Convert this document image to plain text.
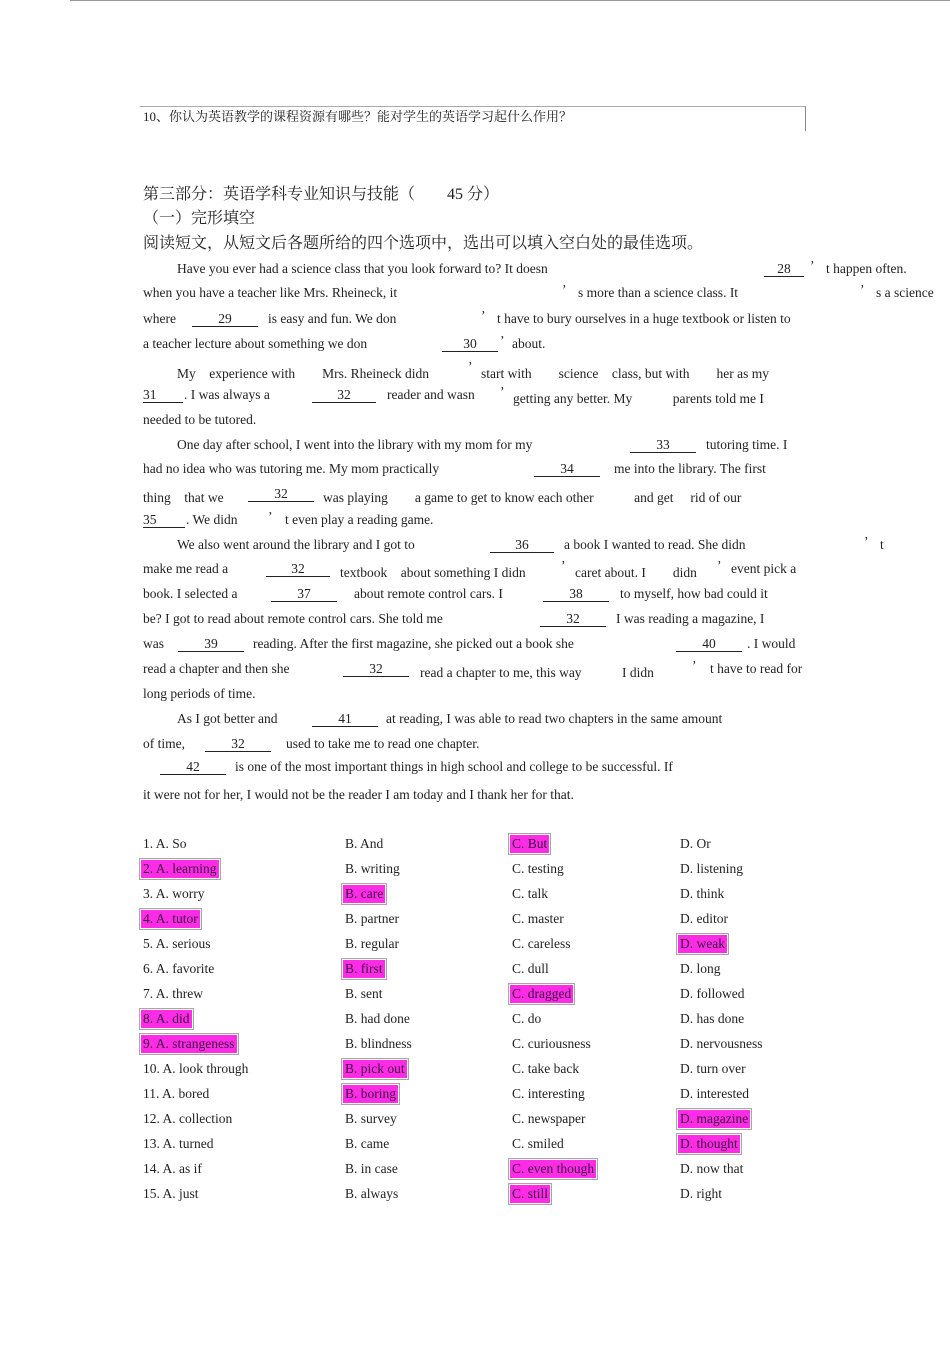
10、你认为英语教学的课程资源有哪些？能对学生的英语学习起什么作用？
第三部分：英语学科专业知识与技能（　　45 分）
（一）完形填空
阅读短文，从短文后各题所给的四个选项中，选出可以填入空白处的最佳选项。
Have you ever had a science class that you look forward to? It doesn	28	’ t happen often.
when you have a teacher like Mrs. Rheineck, it	’ s more than a science class. It	’ s a science
where	29	is easy and fun. We don	’ t have to bury ourselves in a huge textbook or listen to
a teacher lecture about something we don	30	’ about.
My　experience with　　Mrs. Rheineck didn	’ start with　　science　class, but with　　her as my
31	. I was always a	32	reader and wasn ’ getting any better. My　　　parents told me I
needed to be tutored.
One day after school, I went into the library with my mom for my	33	tutoring time. I
had no idea who was tutoring me. My mom practically	34	me into the library. The first
thing　that we	32	was playing　　a game to get to know each other　　　and get　 rid of our
35	. We didn ’ t even play a reading game.
We also went around the library and I got to	36	a book I wanted to read. She didn	’ t
make me read a	32	textbook　about something I didn	’ caret about. I　　didn ’ event pick a
book. I selected a	37	about remote control cars. I	38	to myself, how bad could it
be? I got to read about remote control cars. She told me	32	I was reading a magazine, I
was	39	reading. After the first magazine, she picked out a book she	40	. I would
read a chapter and then she	32	read a chapter to me, this way　　　I didn	’ t have to read for
long periods of time.
As I got better and	41	at reading, I was able to read two chapters in the same amount
of time,	32	used to take me to read one chapter.
42	is one of the most important things in high school and college to be successful. If
it were not for her, I would not be the reader I am today and I thank her for that.
1. A. So	B. And	C. But	D. Or
2. A. learning	B. writing	C. testing	D. listening
3. A. worry	B. care	C. talk	D. think
4. A. tutor	B. partner	C. master	D. editor
5. A. serious	B. regular	C. careless	D. weak
6. A. favorite	B. first	C. dull	D. long
7. A. threw	B. sent	C. dragged	D. followed
8. A. did	B. had done	C. do	D. has done
9. A. strangeness	B. blindness	C. curiousness	D. nervousness
10. A. look through	B. pick out	C. take back	D. turn over
11. A. bored	B. boring	C. interesting	D. interested
12. A. collection	B. survey	C. newspaper	D. magazine
13. A. turned	B. came	C. smiled	D. thought
14. A. as if	B. in case	C. even though	D. now that
15. A. just	B. always	C. still	D. right
